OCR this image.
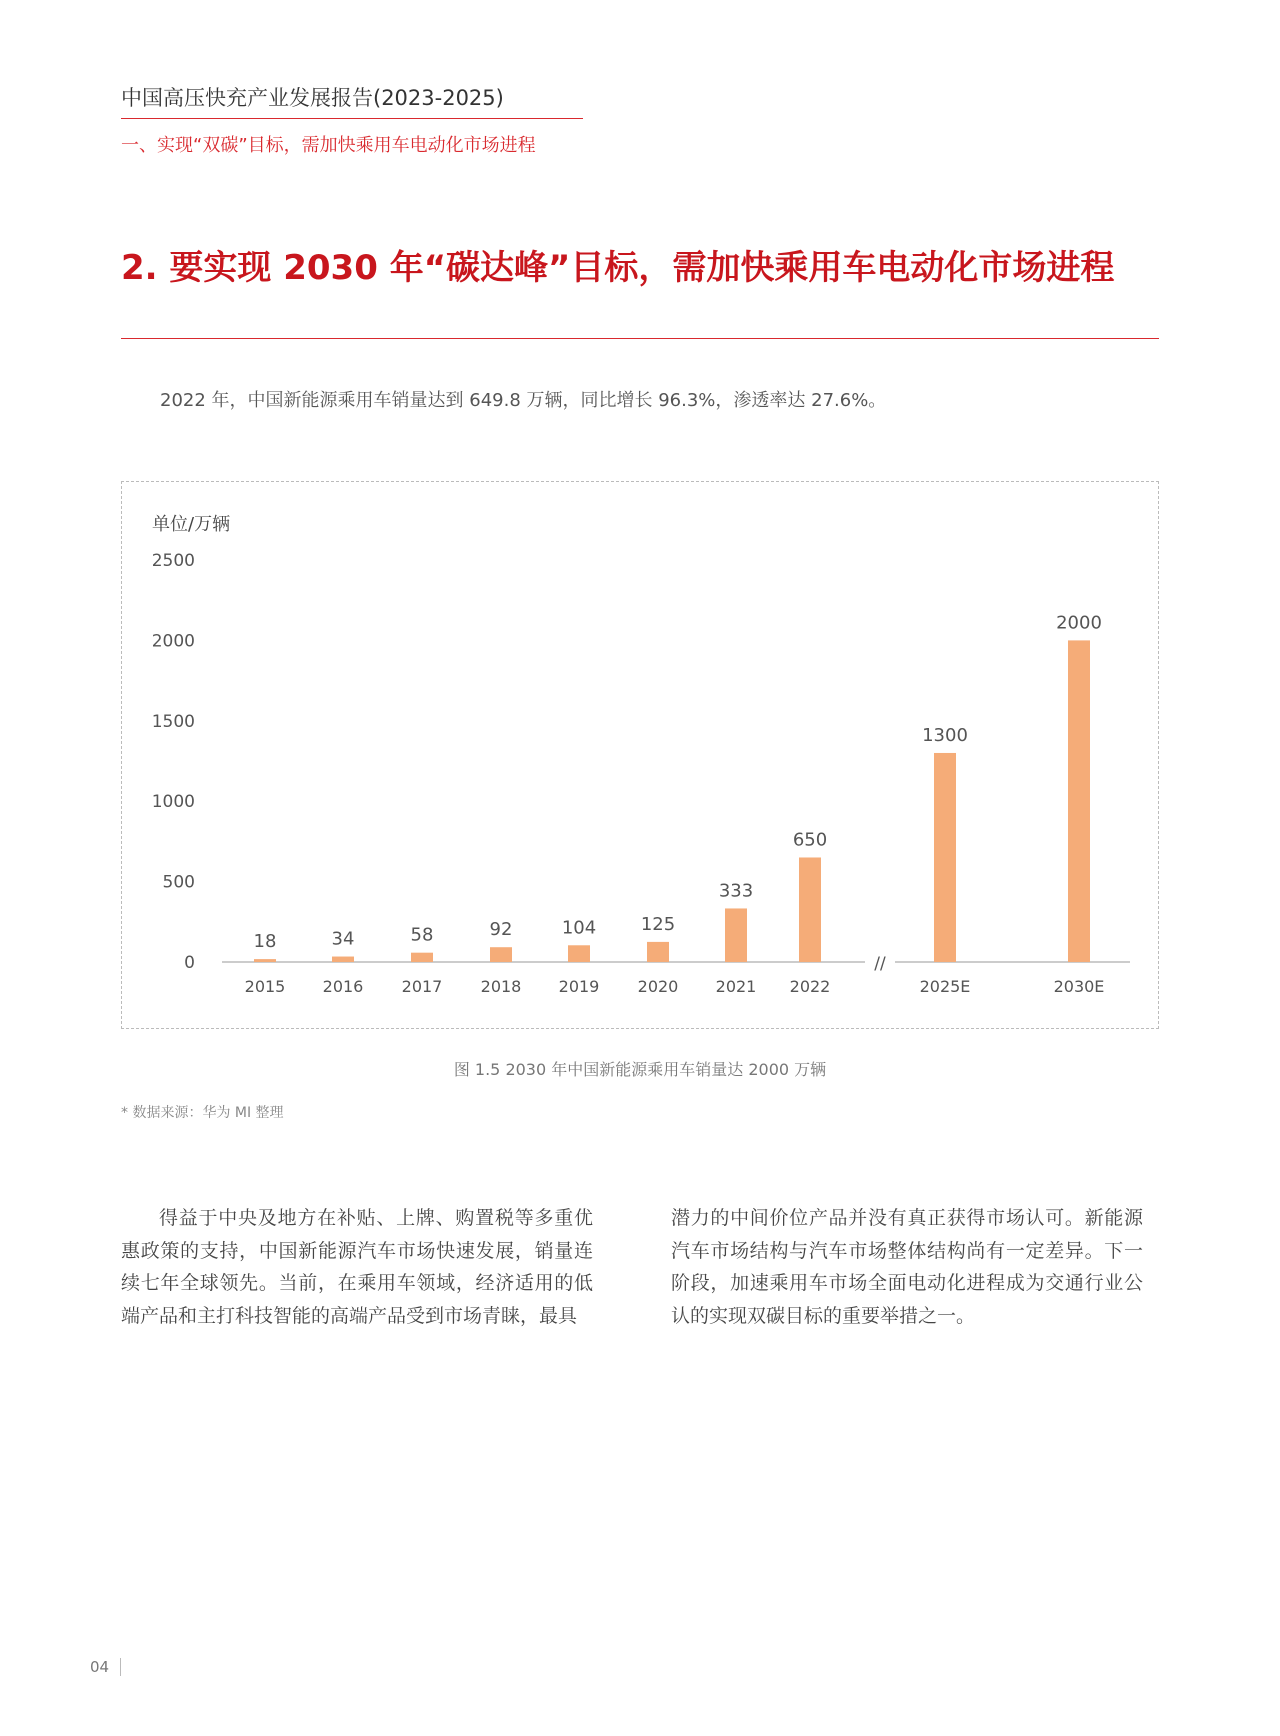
中国高压快充产业发展报告(2023-2025)
一、实现“双碳”目标，需加快乘用车电动化市场进程
2. 要实现 2030 年“碳达峰”目标，需加快乘用车电动化市场进程
2022 年，中国新能源乘用车销量达到 649.8 万辆，同比增长 96.3%，渗透率达 27.6%。
单位/万辆
0
500
1000
1500
2000
2500
//
18
2015
34
2016
58
2017
92
2018
104
2019
125
2020
333
2021
650
2022
1300
2025E
2000
2030E
图 1.5 2030 年中国新能源乘用车销量达 2000 万辆
* 数据来源：华为 MI 整理
得益于中央及地方在补贴、上牌、购置税等多重优惠政策的支持，中国新能源汽车市场快速发展，销量连续七年全球领先。当前，在乘用车领域，经济适用的低端产品和主打科技智能的高端产品受到市场青睐，最具
潜力的中间价位产品并没有真正获得市场认可。新能源汽车市场结构与汽车市场整体结构尚有一定差异。下一阶段，加速乘用车市场全面电动化进程成为交通行业公认的实现双碳目标的重要举措之一。
04
